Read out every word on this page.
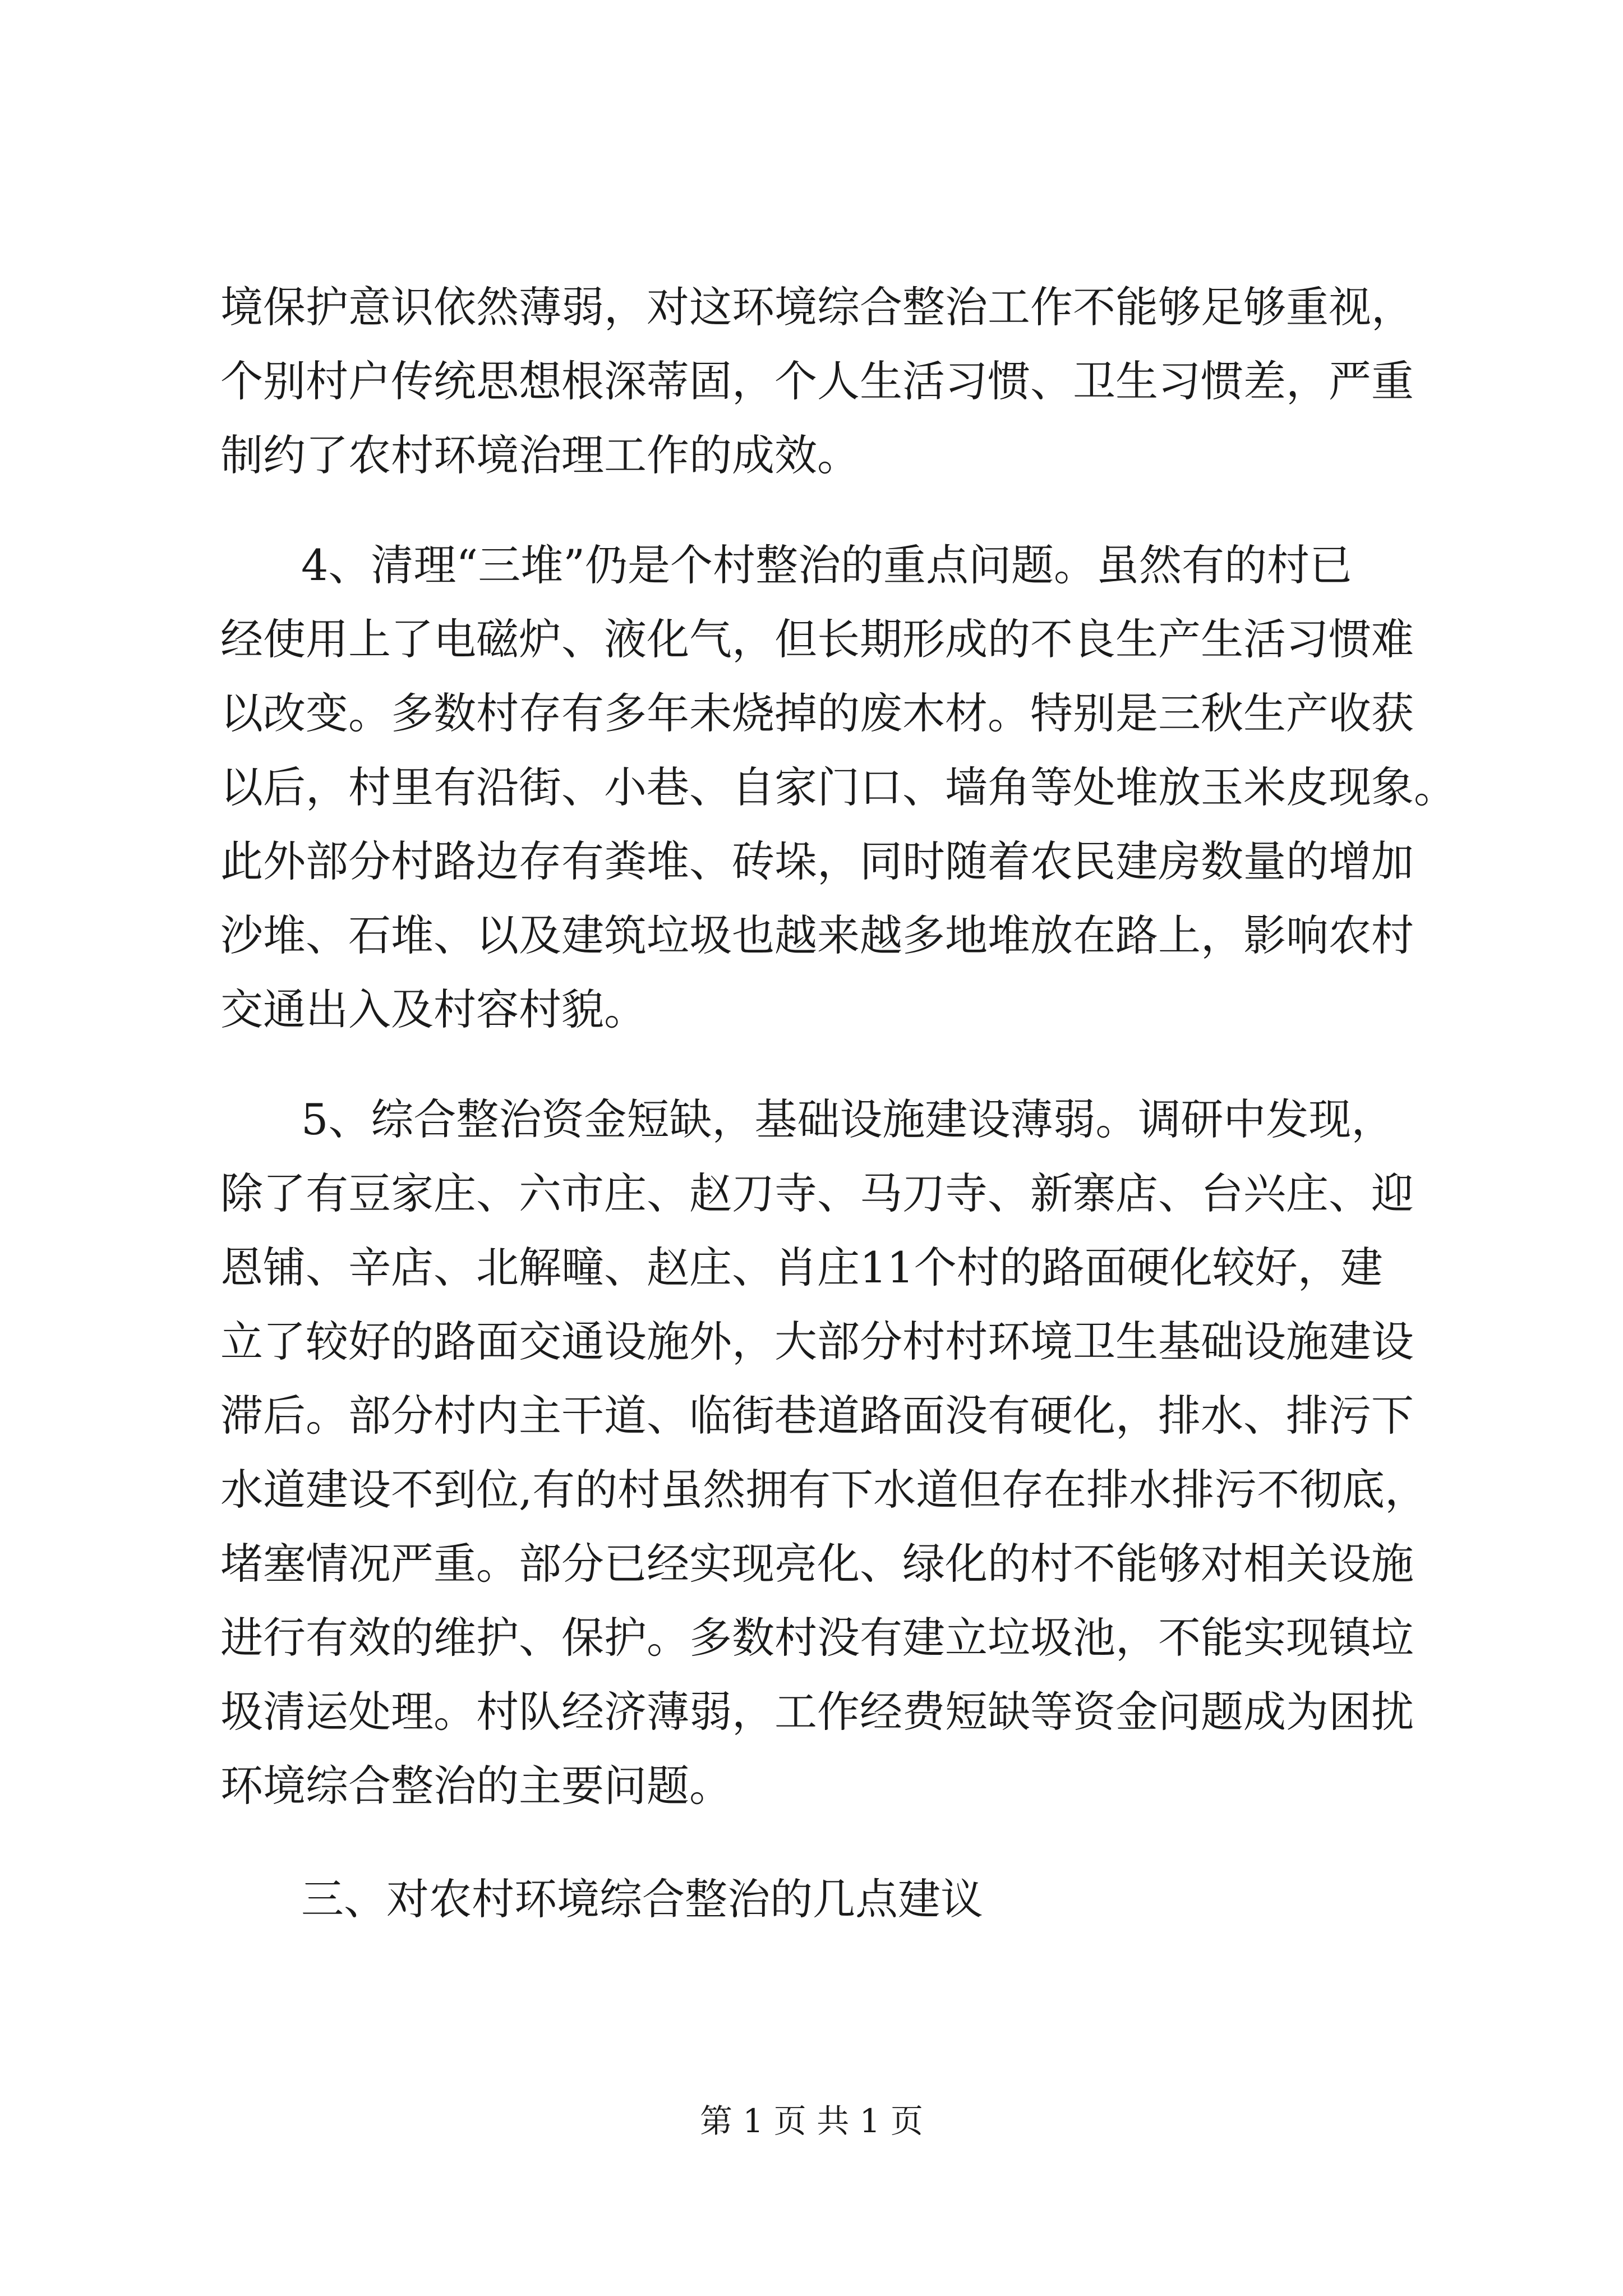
境保护意识依然薄弱，对这环境综合整治工作不能够足够重视，

个别村户传统思想根深蒂固，个人生活习惯、卫生习惯差，严重

制约了农村环境治理工作的成效。

4、清理“三堆”仍是个村整治的重点问题。虽然有的村已

经使用上了电磁炉、液化气，但长期形成的不良生产生活习惯难

以改变。多数村存有多年未烧掉的废木材。特别是三秋生产收获

以后，村里有沿街、小巷、自家门口、墙角等处堆放玉米皮现象。

此外部分村路边存有粪堆、砖垛，同时随着农民建房数量的增加

沙堆、石堆、以及建筑垃圾也越来越多地堆放在路上，影响农村

交通出入及村容村貌。

5、综合整治资金短缺，基础设施建设薄弱。调研中发现，

除了有豆家庄、六市庄、赵刀寺、马刀寺、新寨店、台兴庄、迎

恩铺、辛店、北解疃、赵庄、肖庄11个村的路面硬化较好，建

立了较好的路面交通设施外，大部分村村环境卫生基础设施建设

滞后。部分村内主干道、临街巷道路面没有硬化，排水、排污下

水道建设不到位,有的村虽然拥有下水道但存在排水排污不彻底，

堵塞情况严重。部分已经实现亮化、绿化的村不能够对相关设施

进行有效的维护、保护。多数村没有建立垃圾池，不能实现镇垃

圾清运处理。村队经济薄弱，工作经费短缺等资金问题成为困扰

环境综合整治的主要问题。

三、对农村环境综合整治的几点建议

第 1 页 共 1 页
